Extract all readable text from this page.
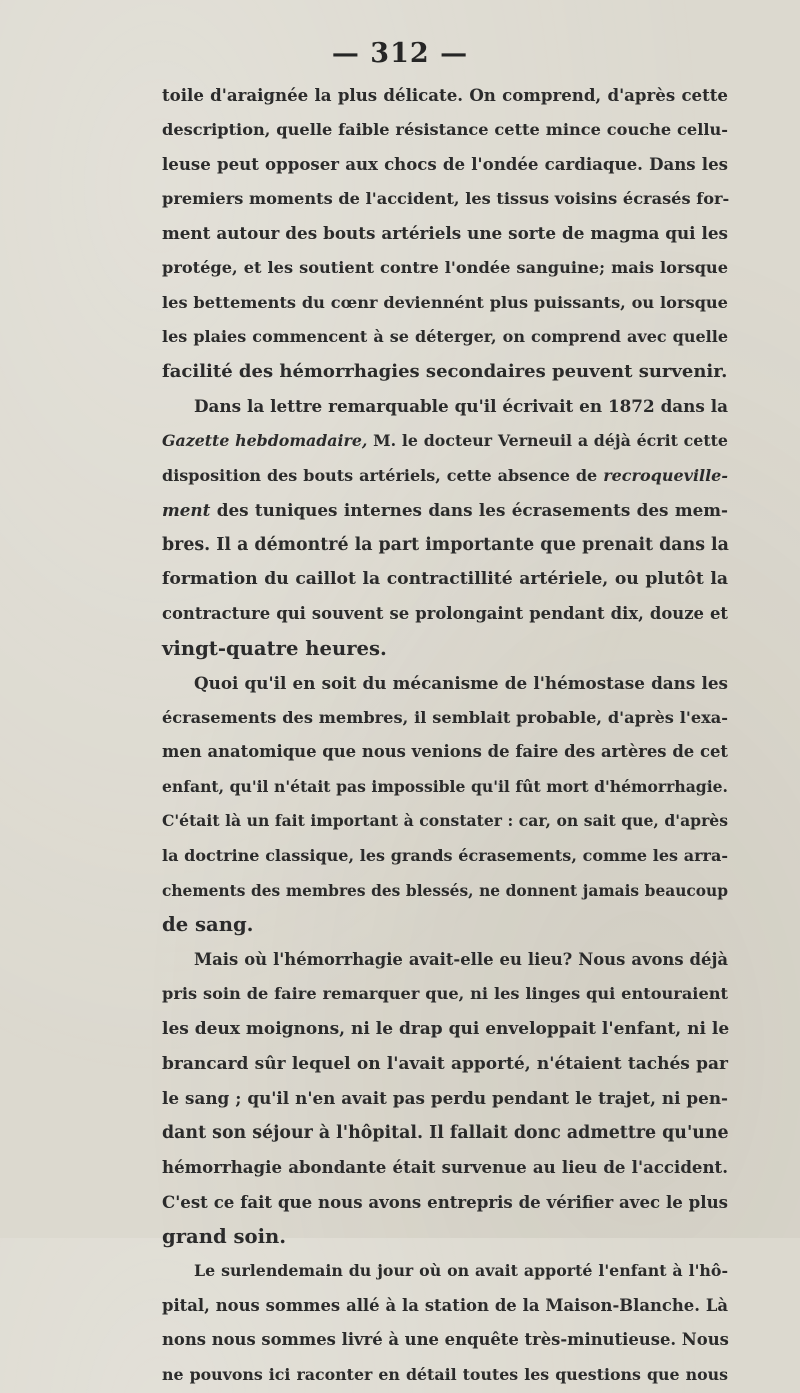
— 312 —
toile d'araignée la plus délicate. On comprend, d'après cette
description, quelle faible résistance cette mince couche cellu-
leuse peut opposer aux chocs de l'ondée cardiaque. Dans les
premiers moments de l'accident, les tissus voisins écrasés for-
ment autour des bouts artériels une sorte de magma qui les
protége, et les soutient contre l'ondée sanguine; mais lorsque
les bettements du cœnr deviennént plus puissants, ou lorsque
les plaies commencent à se déterger, on comprend avec quelle
facilité des hémorrhagies secondaires peuvent survenir.
Dans la lettre remarquable qu'il écrivait en 1872 dans la
Gazette hebdomadaire, M. le docteur Verneuil a déjà écrit cette
disposition des bouts artériels, cette absence de recroqueville-
ment des tuniques internes dans les écrasements des mem-
bres. Il a démontré la part importante que prenait dans la
formation du caillot la contractillité artériele, ou plutôt la
contracture qui souvent se prolongaint pendant dix, douze et
vingt-quatre heures.
Quoi qu'il en soit du mécanisme de l'hémostase dans les
écrasements des membres, il semblait probable, d'après l'exa-
men anatomique que nous venions de faire des artères de cet
enfant, qu'il n'était pas impossible qu'il fût mort d'hémorrhagie.
C'était là un fait important à constater : car, on sait que, d'après
la doctrine classique, les grands écrasements, comme les arra-
chements des membres des blessés, ne donnent jamais beaucoup
de sang.
Mais où l'hémorrhagie avait-elle eu lieu? Nous avons déjà
pris soin de faire remarquer que, ni les linges qui entouraient
les deux moignons, ni le drap qui enveloppait l'enfant, ni le
brancard sûr lequel on l'avait apporté, n'étaient tachés par
le sang ; qu'il n'en avait pas perdu pendant le trajet, ni pen-
dant son séjour à l'hôpital. Il fallait donc admettre qu'une
hémorrhagie abondante était survenue au lieu de l'accident.
C'est ce fait que nous avons entrepris de vérifier avec le plus
grand soin.
Le surlendemain du jour où on avait apporté l'enfant à l'hô-
pital, nous sommes allé à la station de la Maison-Blanche. Là
nons nous sommes livré à une enquête très-minutieuse. Nous
ne pouvons ici raconter en détail toutes les questions que nous
